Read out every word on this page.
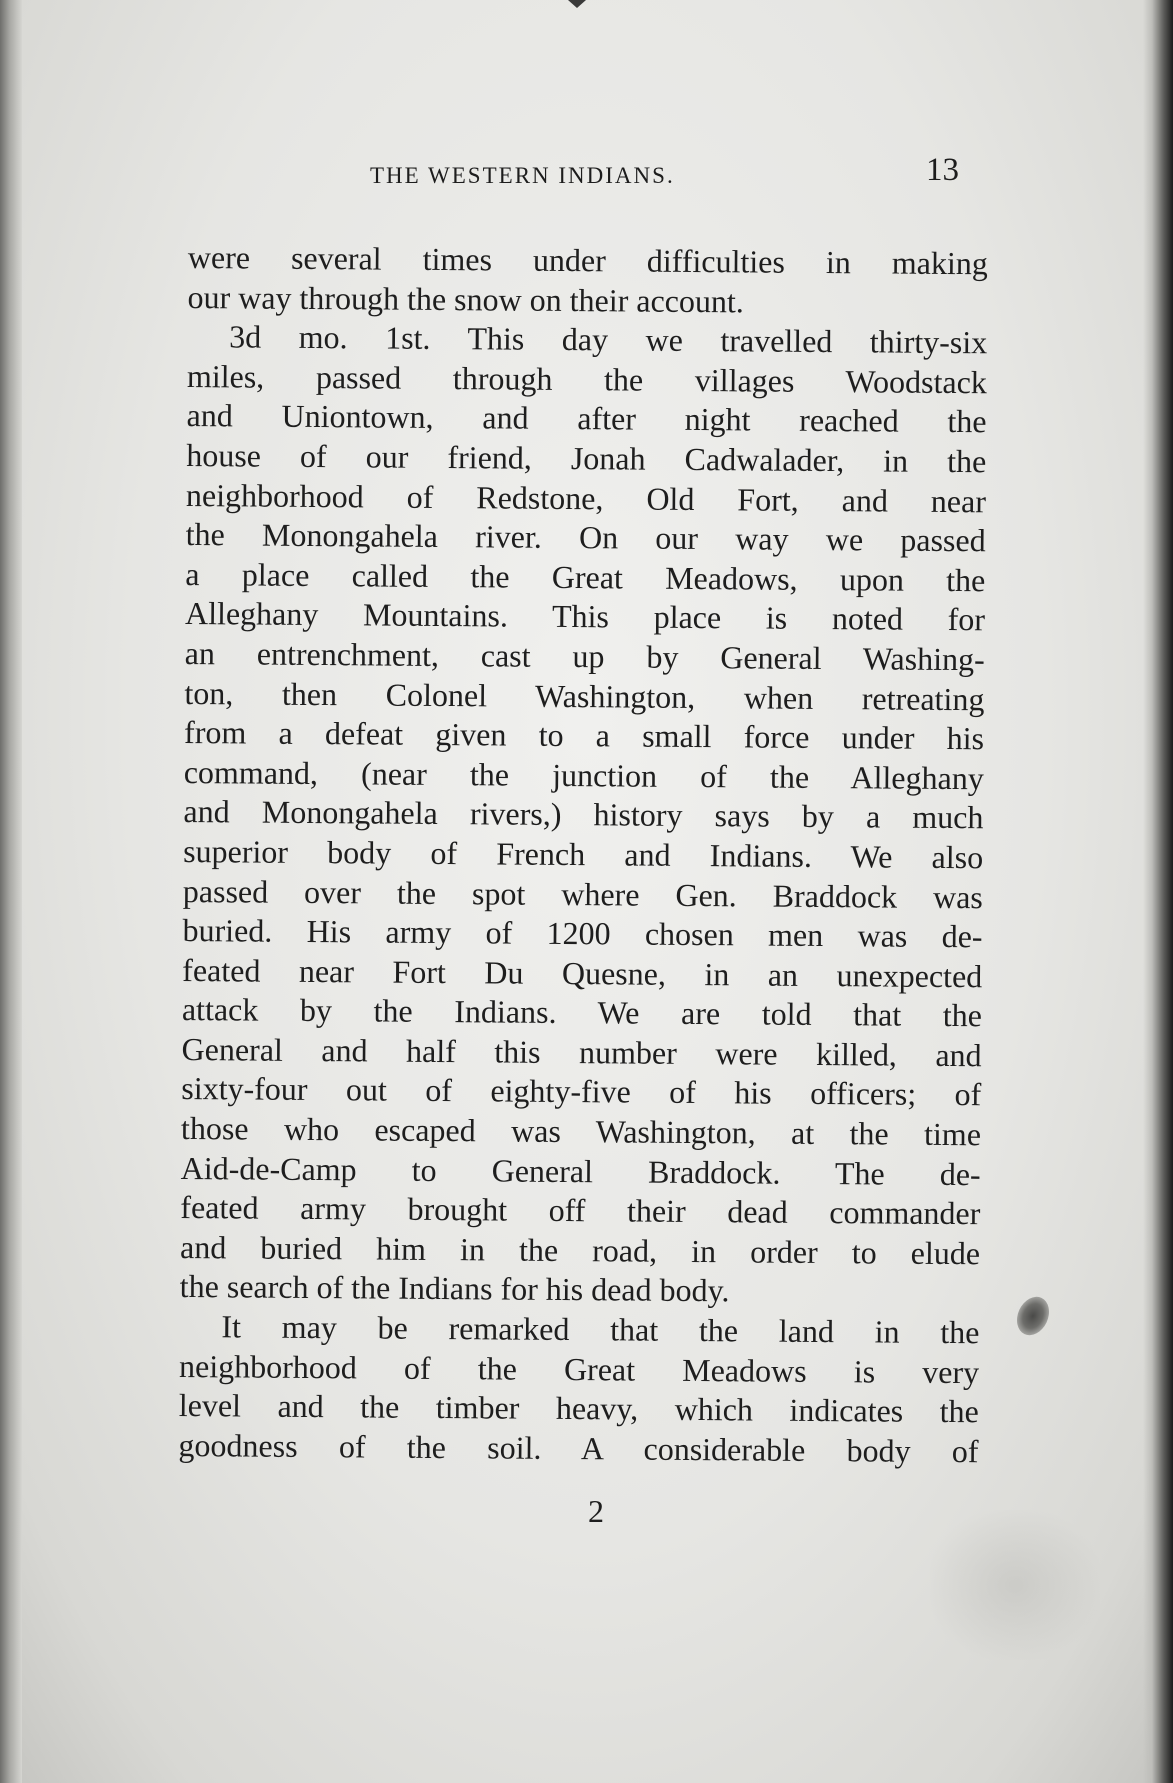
THE WESTERN INDIANS.	13
were several times under difficulties in making
our way through the snow on their account.
3d mo. 1st. This day we travelled thirty-six
miles, passed through the villages Woodstack
and Uniontown, and after night reached the
house of our friend, Jonah Cadwalader, in the
neighborhood of Redstone, Old Fort, and near
the Monongahela river. On our way we passed
a place called the Great Meadows, upon the
Alleghany Mountains. This place is noted for
an entrenchment, cast up by General Washing-
ton, then Colonel Washington, when retreating
from a defeat given to a small force under his
command, (near the junction of the Alleghany
and Monongahela rivers,) history says by a much
superior body of French and Indians. We also
passed over the spot where Gen. Braddock was
buried. His army of 1200 chosen men was de-
feated near Fort Du Quesne, in an unexpected
attack by the Indians. We are told that the
General and half this number were killed, and
sixty-four out of eighty-five of his officers; of
those who escaped was Washington, at the time
Aid-de-Camp to General Braddock. The de-
feated army brought off their dead commander
and buried him in the road, in order to elude
the search of the Indians for his dead body.
It may be remarked that the land in the
neighborhood of the Great Meadows is very
level and the timber heavy, which indicates the
goodness of the soil. A considerable body of
2
